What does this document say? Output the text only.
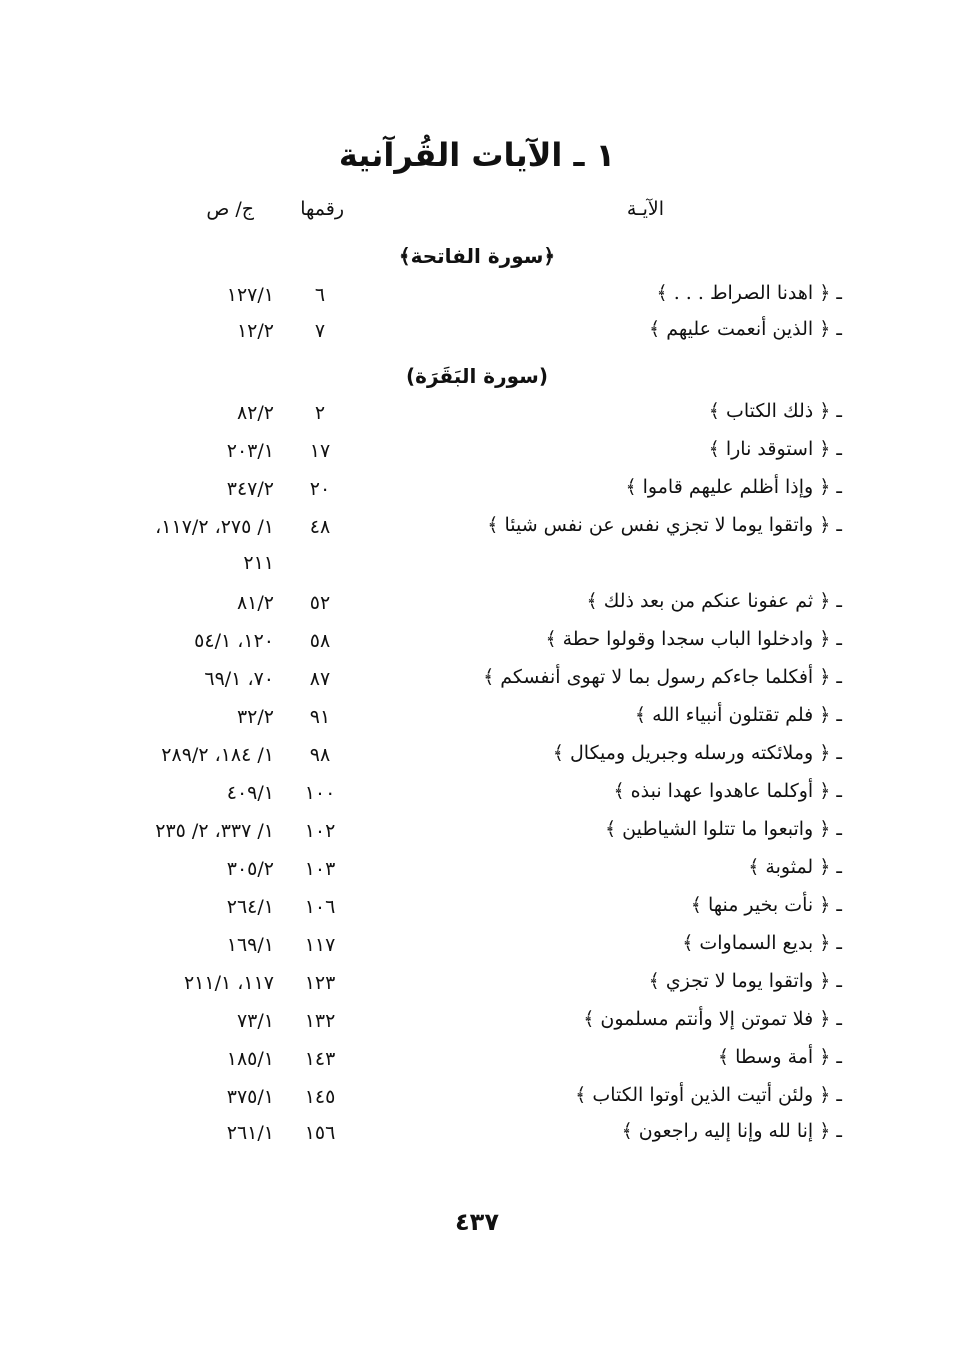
١ ـ الآيات القُرآنية
الآيـة
رقمها
ج/ ص
﴿سورة الفاتحة﴾
ـ ﴿ اهدنا الصراط . . . ﴾
٦
١٢٧/١
ـ ﴿ الذين أنعمت عليهم ﴾
٧
١٢/٢
(سورة البَقَرَة)
ـ ﴿ ذلك الكتاب ﴾
٢
٨٢/٢
ـ ﴿ استوقد نارا ﴾
١٧
٢٠٣/١
ـ ﴿ وإذا أظلم عليهم قاموا ﴾
٢٠
٣٤٧/٢
ـ ﴿ واتقوا يوما لا تجزي نفس عن نفس شيئا ﴾
٤٨
١/ ٢٧٥، ١١٧/٢،
٢١١
ـ ﴿ ثم عفونا عنكم من بعد ذلك ﴾
٥٢
٨١/٢
ـ ﴿ وادخلوا الباب سجدا وقولوا حطة ﴾
٥٨
١٢٠، ٥٤/١
ـ ﴿ أفكلما جاءكم رسول بما لا تهوى أنفسكم ﴾
٨٧
٧٠، ٦٩/١
ـ ﴿ فلم تقتلون أنبياء الله ﴾
٩١
٣٢/٢
ـ ﴿ وملائكته ورسله وجبريل وميكال ﴾
٩٨
١/ ١٨٤، ٢٨٩/٢
ـ ﴿ أوكلما عاهدوا عهدا نبذه ﴾
١٠٠
٤٠٩/١
ـ ﴿ واتبعوا ما تتلوا الشياطين ﴾
١٠٢
١/ ٣٣٧، ٢/ ٢٣٥
ـ ﴿ لمثوبة ﴾
١٠٣
٣٠٥/٢
ـ ﴿ نأت بخير منها ﴾
١٠٦
٢٦٤/١
ـ ﴿ بديع السماوات ﴾
١١٧
١٦٩/١
ـ ﴿ واتقوا يوما لا تجزي ﴾
١٢٣
١١٧، ٢١١/١
ـ ﴿ فلا تموتن إلا وأنتم مسلمون ﴾
١٣٢
٧٣/١
ـ ﴿ أمة وسطا ﴾
١٤٣
١٨٥/١
ـ ﴿ ولئن أتيت الذين أوتوا الكتاب ﴾
١٤٥
٣٧٥/١
ـ ﴿ إنا لله وإنا إليه راجعون ﴾
١٥٦
٢٦١/١
٤٣٧
